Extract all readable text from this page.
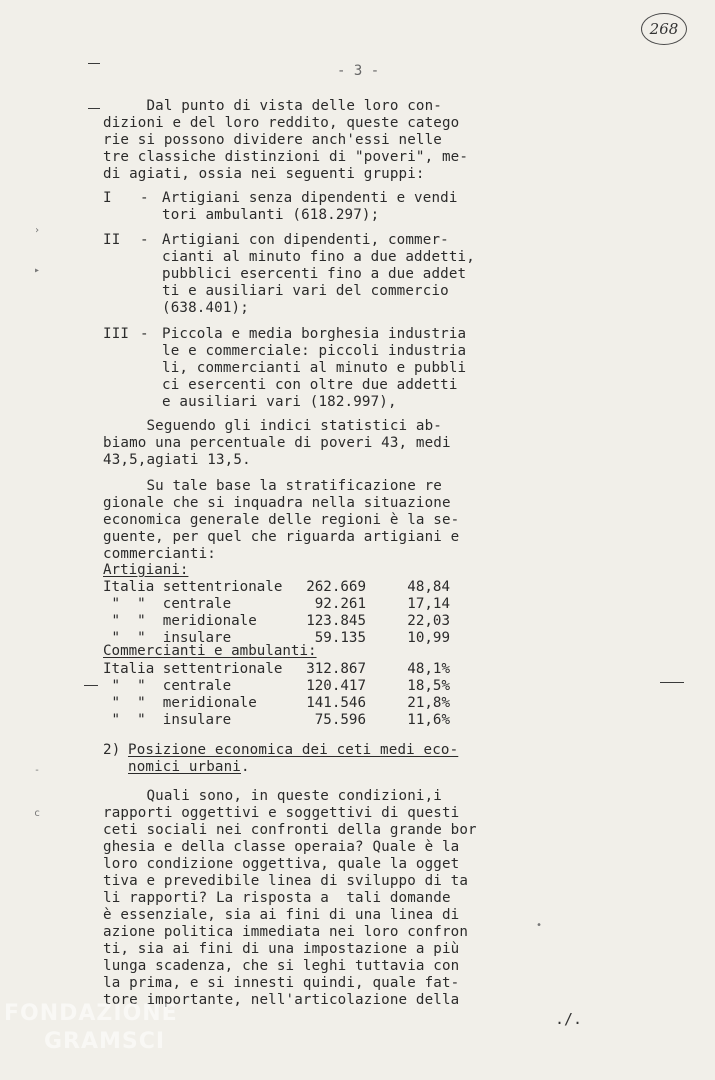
268
- 3 -
›
▸
-
c
•
Dal punto di vista delle loro con-
dizioni e del loro reddito, queste catego
rie si possono dividere anch'essi nelle
tre classiche distinzioni di "poveri", me-
di agiati, ossia nei seguenti gruppi:
I - Artigiani senza dipendenti e vendi
tori ambulanti (618.297);
II - Artigiani con dipendenti, commer-
cianti al minuto fino a due addetti,
pubblici esercenti fino a due addet
ti e ausiliari vari del commercio
(638.401);
III - Piccola e media borghesia industria
le e commerciale: piccoli industria
li, commercianti al minuto e pubbli
ci esercenti con oltre due addetti
e ausiliari vari (182.997),
Seguendo gli indici statistici ab-
biamo una percentuale di poveri 43, medi
43,5,agiati 13,5.
Su tale base la stratificazione re
gionale che si inquadra nella situazione
economica generale delle regioni è la se-
guente, per quel che riguarda artigiani e
commercianti:
Artigiani:
Italia settentrionale	262.669	48,84
"  "  centrale	92.261	17,14
"  "  meridionale	123.845	22,03
"  "  insulare	59.135	10,99
Commercianti e ambulanti:
Italia settentrionale	312.867	48,1%
"  "  centrale	120.417	18,5%
"  "  meridionale	141.546	21,8%
"  "  insulare	75.596	11,6%
2) Posizione economica dei ceti medi eco-
nomici urbani.
Quali sono, in queste condizioni,i
rapporti oggettivi e soggettivi di questi
ceti sociali nei confronti della grande bor
ghesia e della classe operaia? Quale è la
loro condizione oggettiva, quale la ogget
tiva e prevedibile linea di sviluppo di ta
li rapporti? La risposta a  tali domande
è essenziale, sia ai fini di una linea di
azione politica immediata nei loro confron
ti, sia ai fini di una impostazione a più
lunga scadenza, che si leghi tuttavia con
la prima, e si innesti quindi, quale fat-
tore importante, nell'articolazione della
./.
FONDAZIONE
GRAMSCI
